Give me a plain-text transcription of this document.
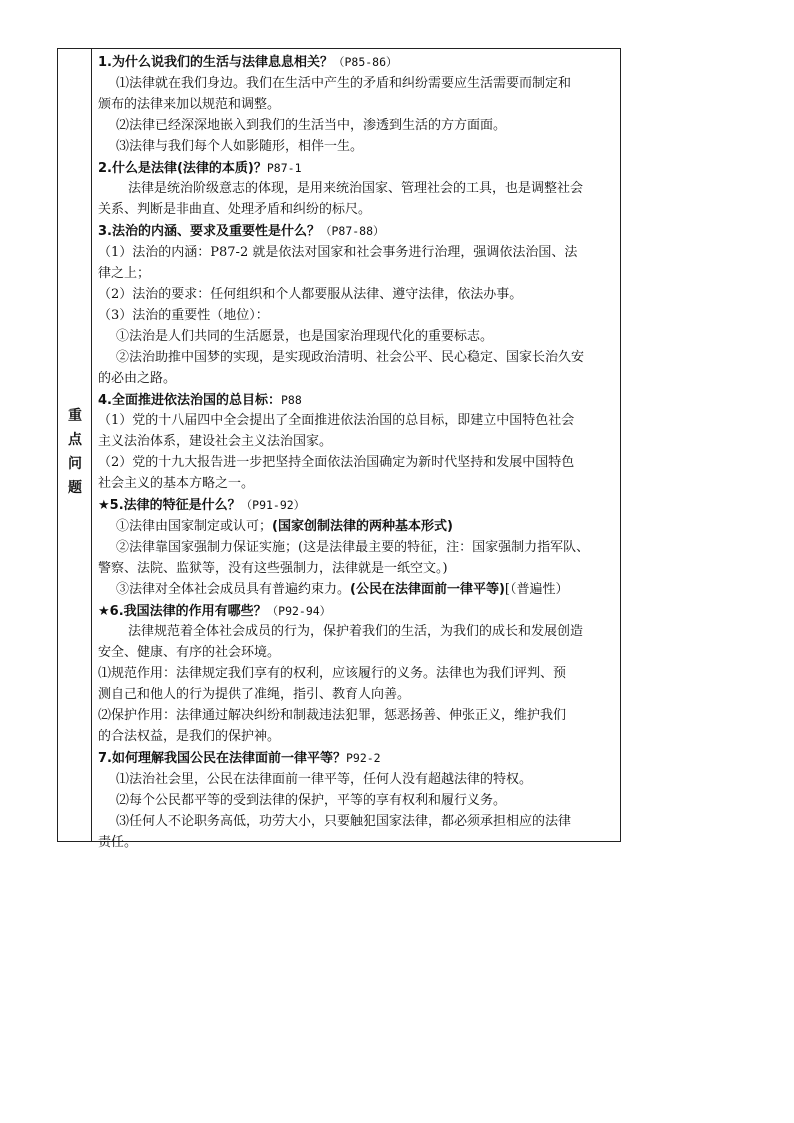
重
点
问
题
1.为什么说我们的生活与法律息息相关？（P85-86）
⑴法律就在我们身边。我们在生活中产生的矛盾和纠纷需要应生活需要而制定和
颁布的法律来加以规范和调整。
⑵法律已经深深地嵌入到我们的生活当中，渗透到生活的方方面面。
⑶法律与我们每个人如影随形，相伴一生。
2.什么是法律(法律的本质)？P87-1
法律是统治阶级意志的体现，是用来统治国家、管理社会的工具，也是调整社会
关系、判断是非曲直、处理矛盾和纠纷的标尺。
3.法治的内涵、要求及重要性是什么？（P87-88）
（1）法治的内涵：P87-2 就是依法对国家和社会事务进行治理，强调依法治国、法
律之上；
（2）法治的要求：任何组织和个人都要服从法律、遵守法律，依法办事。
（3）法治的重要性（地位）：
①法治是人们共同的生活愿景，也是国家治理现代化的重要标志。
②法治助推中国梦的实现，是实现政治清明、社会公平、民心稳定、国家长治久安
的必由之路。
4.全面推进依法治国的总目标：P88
（1）党的十八届四中全会提出了全面推进依法治国的总目标，即建立中国特色社会
主义法治体系，建设社会主义法治国家。
（2）党的十九大报告进一步把坚持全面依法治国确定为新时代坚持和发展中国特色
社会主义的基本方略之一。
★5.法律的特征是什么？（P91-92）
①法律由国家制定或认可；(国家创制法律的两种基本形式)
②法律靠国家强制力保证实施；(这是法律最主要的特征，注：国家强制力指军队、
警察、法院、监狱等，没有这些强制力，法律就是一纸空文。)
③法律对全体社会成员具有普遍约束力。(公民在法律面前一律平等)[（普遍性）
★6.我国法律的作用有哪些？（P92-94）
法律规范着全体社会成员的行为，保护着我们的生活，为我们的成长和发展创造
安全、健康、有序的社会环境。
⑴规范作用：法律规定我们享有的权利，应该履行的义务。法律也为我们评判、预
测自己和他人的行为提供了准绳，指引、教育人向善。
⑵保护作用：法律通过解决纠纷和制裁违法犯罪，惩恶扬善、伸张正义，维护我们
的合法权益，是我们的保护神。
7.如何理解我国公民在法律面前一律平等？P92-2
⑴法治社会里，公民在法律面前一律平等，任何人没有超越法律的特权。
⑵每个公民都平等的受到法律的保护，平等的享有权利和履行义务。
⑶任何人不论职务高低，功劳大小，只要触犯国家法律，都必须承担相应的法律
责任。
